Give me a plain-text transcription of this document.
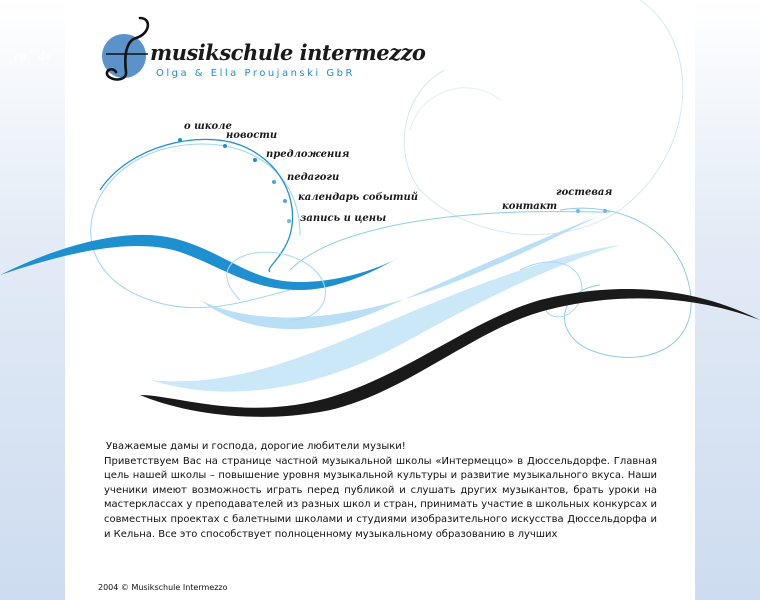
ru de	musikschule intermezzo
Olga & Ella Proujanski GbR
о школе
новости
предложения
педагоги
календарь событий
запись и цены
контакт
гостевая

Уважаемые дамы и господа, дорогие любители музыки!

Приветствуем Вас на странице частной музыкальной школы «Интермеццо» в Дюссельдорфе. Главная цель нашей школы – повышение уровня музыкальной культуры и развитие музыкального вкуса. Наши ученики имеют возможность играть перед публикой и слушать других музыкантов, брать уроки на мастерклассах у преподавателей из разных школ и стран, принимать участие в школьных конкурсах и совместных проектах с балетными школами и студиями изобразительного искусства Дюссельдорфа и и Кельна. Все это способствует полноценному музыкальному образованию в лучших

2004 © Musikschule Intermezzo
